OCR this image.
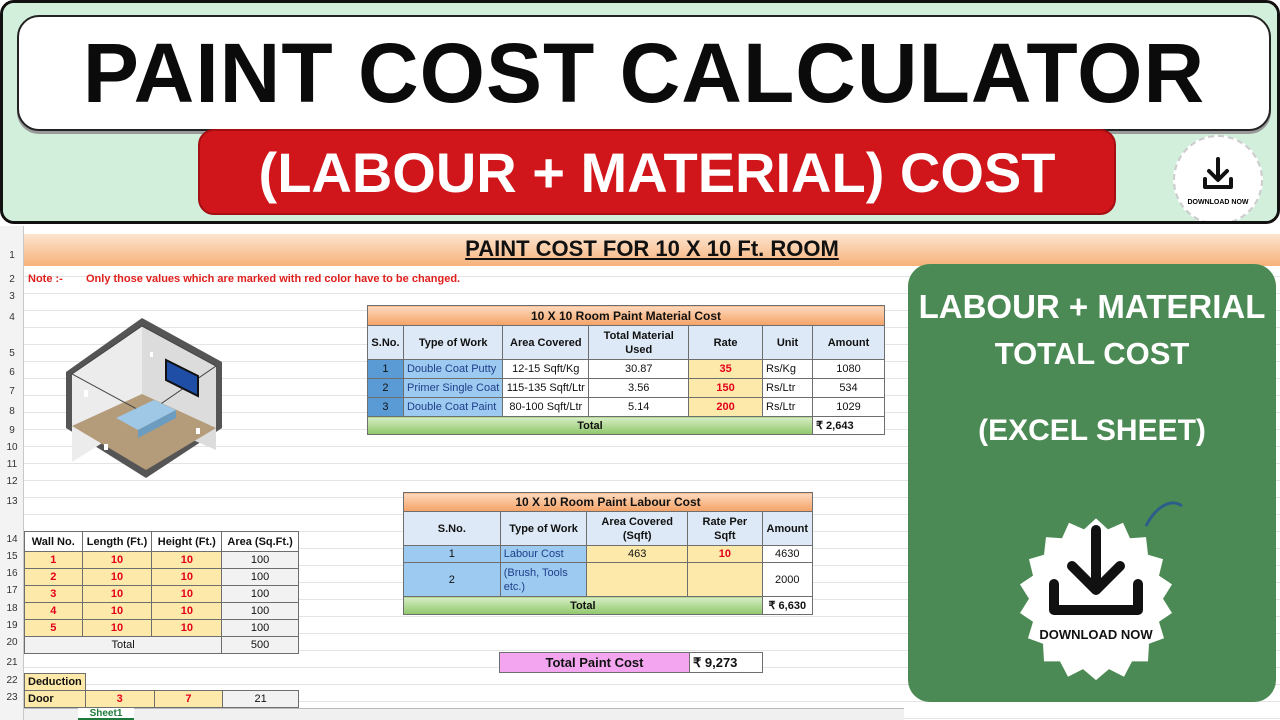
PAINT COST CALCULATOR
(LABOUR + MATERIAL) COST	DOWNLOAD NOW
1
2
3
4
5
6
7
8
9
10
11
12
13
14
15
16
17
18
19
20
21
22
23
PAINT COST FOR 10 X 10 Ft. ROOM
Note :- Only those values which are marked with red color have to be changed.
10 X 10 Room Paint Material Cost						
S.No.	Type of Work	Area Covered	Total Material Used	Rate	Unit	Amount
1	Double Coat Putty	12-15 Sqft/Kg	30.87	35	Rs/Kg	1080
2	Primer Single Coat	115-135 Sqft/Ltr	3.56	150	Rs/Ltr	534
3	Double Coat Paint	80-100 Sqft/Ltr	5.14	200	Rs/Ltr	1029
Total						₹ 2,643
10 X 10 Room Paint Labour Cost				
S.No.	Type of Work	Area Covered (Sqft)	Rate Per Sqft	Amount
1	Labour Cost	463	10	4630
2	(Brush, Tools etc.)			2000
Total				₹ 6,630
Total Paint Cost	₹ 9,273
Wall No.	Length (Ft.)	Height (Ft.)	Area (Sq.Ft.)
1	10	10	100
2	10	10	100
3	10	10	100
4	10	10	100
5	10	10	100
Total			500
Deduction			
Door	3	7	21
LABOUR + MATERIAL
TOTAL COST
(EXCEL SHEET)
DOWNLOAD NOW
Sheet1
